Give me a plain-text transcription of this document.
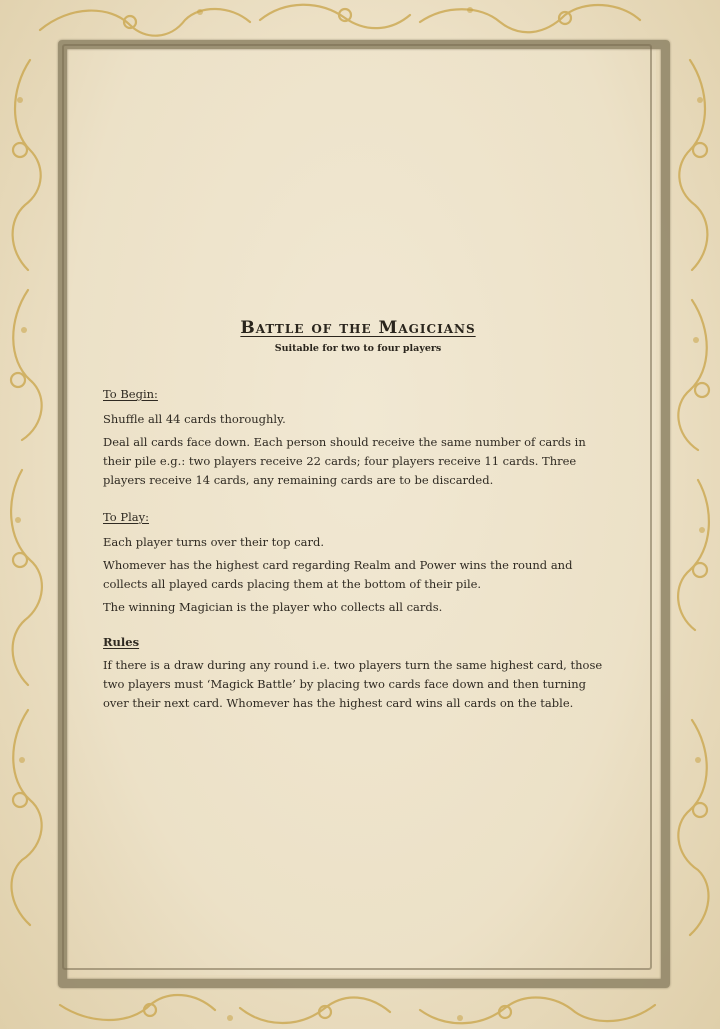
Battle of the Magicians

Suitable for two to four players

To Begin:

Shuffle all 44 cards thoroughly.

Deal all cards face down. Each person should receive the same number of cards in their pile e.g.: two players receive 22 cards; four players receive 11 cards. Three players receive 14 cards, any remaining cards are to be discarded.

To Play:

Each player turns over their top card.

Whomever has the highest card regarding Realm and Power wins the round and collects all played cards placing them at the bottom of their pile.

The winning Magician is the player who collects all cards.

Rules

If there is a draw during any round i.e. two players turn the same highest card, those two players must ‘Magick Battle’ by placing two cards face down and then turning over their next card. Whomever has the highest card wins all cards on the table.
